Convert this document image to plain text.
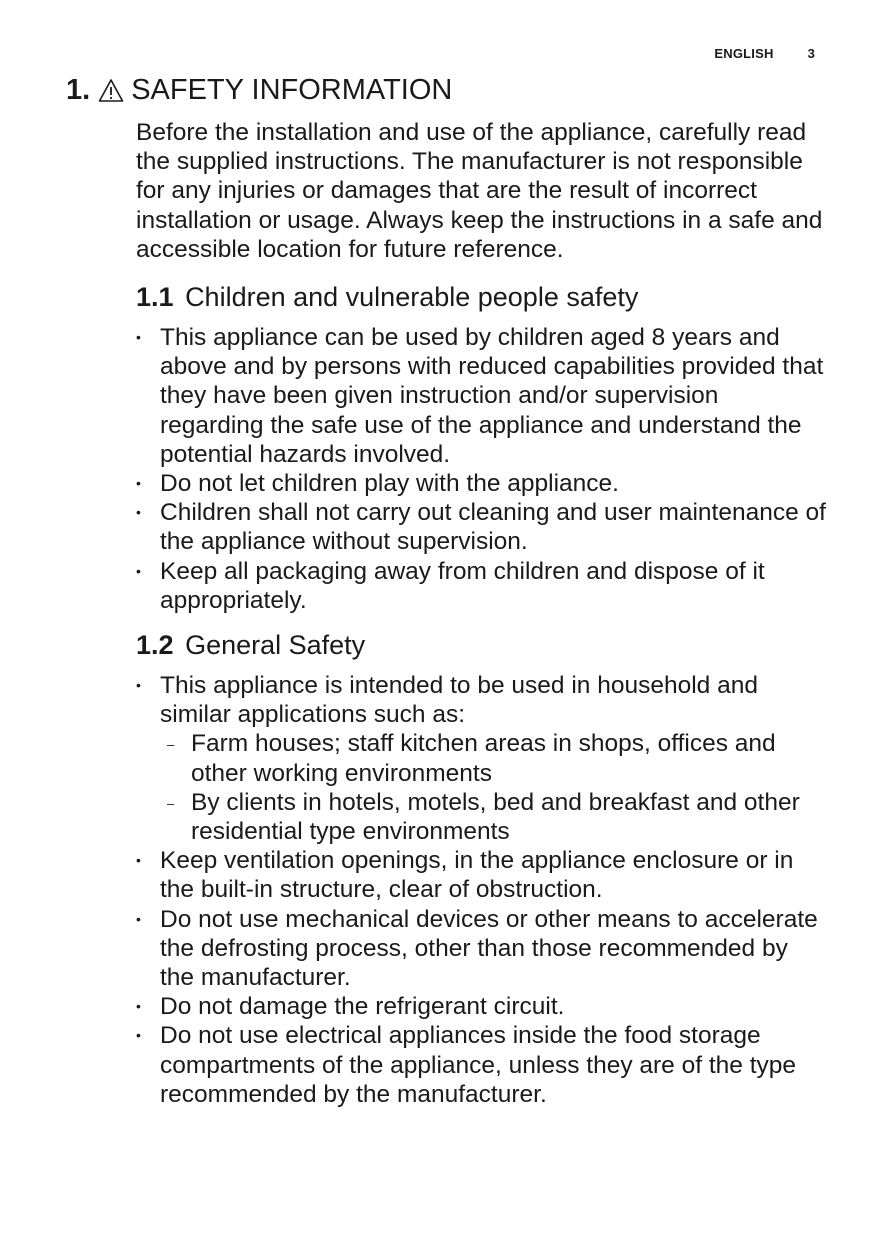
ENGLISH	3
1. SAFETY INFORMATION

Before the installation and use of the appliance, carefully read the supplied instructions. The manufacturer is not responsible for any injuries or damages that are the result of incorrect installation or usage. Always keep the instructions in a safe and accessible location for future reference.

1.1 Children and vulnerable people safety
• This appliance can be used by children aged 8 years and above and by persons with reduced capabilities provided that they have been given instruction and/or supervision regarding the safe use of the appliance and understand the potential hazards involved.
• Do not let children play with the appliance.
• Children shall not carry out cleaning and user maintenance of the appliance without supervision.
• Keep all packaging away from children and dispose of it appropriately.
1.2 General Safety
• This appliance is intended to be used in household and similar applications such as:
– Farm houses; staff kitchen areas in shops, offices and other working environments
– By clients in hotels, motels, bed and breakfast and other residential type environments
• Keep ventilation openings, in the appliance enclosure or in the built-in structure, clear of obstruction.
• Do not use mechanical devices or other means to accelerate the defrosting process, other than those recommended by the manufacturer.
• Do not damage the refrigerant circuit.
• Do not use electrical appliances inside the food storage compartments of the appliance, unless they are of the type recommended by the manufacturer.
